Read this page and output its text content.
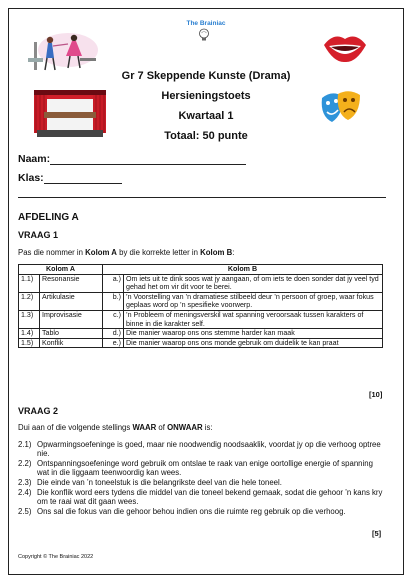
The Brainiac
Gr 7 Skeppende Kunste (Drama)
Hersieningstoets
Kwartaal 1
Totaal: 50 punte
Naam:
Klas:
AFDELING A
VRAAG 1
Pas die nommer in Kolom A by die korrekte letter in Kolom B:
Kolom A		Kolom B	
1.1)	Resonansie	a.)	Om iets uit te dink soos wat jy aangaan, of om iets te doen sonder dat jy veel tyd gehad het om vir dit voor te berei.
1.2)	Artikulasie	b.)	’n Voorstelling van ’n dramatiese stilbeeld deur ’n persoon of groep, waar fokus geplaas word op ’n spesifieke voorwerp.
1.3)	Improvisasie	c.)	’n Probleem of meningsverskil wat spanning veroorsaak tussen karakters of binne in die karakter self.
1.4)	Tablo	d.)	Die manier waarop ons ons stemme harder kan maak
1.5)	Konflik	e.)	Die manier waarop ons ons monde gebruik om duidelik te kan praat
[10]
VRAAG 2
Dui aan of die volgende stellings WAAR of ONWAAR is:
2.1) Opwarmingsoefeninge is goed, maar nie noodwendig noodsaaklik, voordat jy op die verhoog optree nie.
2.2) Ontspanningsoefeninge word gebruik om ontslae te raak van enige oortollige energie of spanning wat in die liggaam teenwoordig kan wees.
2.3) Die einde van ’n toneelstuk is die belangrikste deel van die hele toneel.
2.4) Die konflik word eers tydens die middel van die toneel bekend gemaak, sodat die gehoor ’n kans kry om te raai wat dit gaan wees.
2.5) Ons sal die fokus van die gehoor behou indien ons die ruimte reg gebruik op die verhoog.
[5]
Copyright © The Brainiac 2022
